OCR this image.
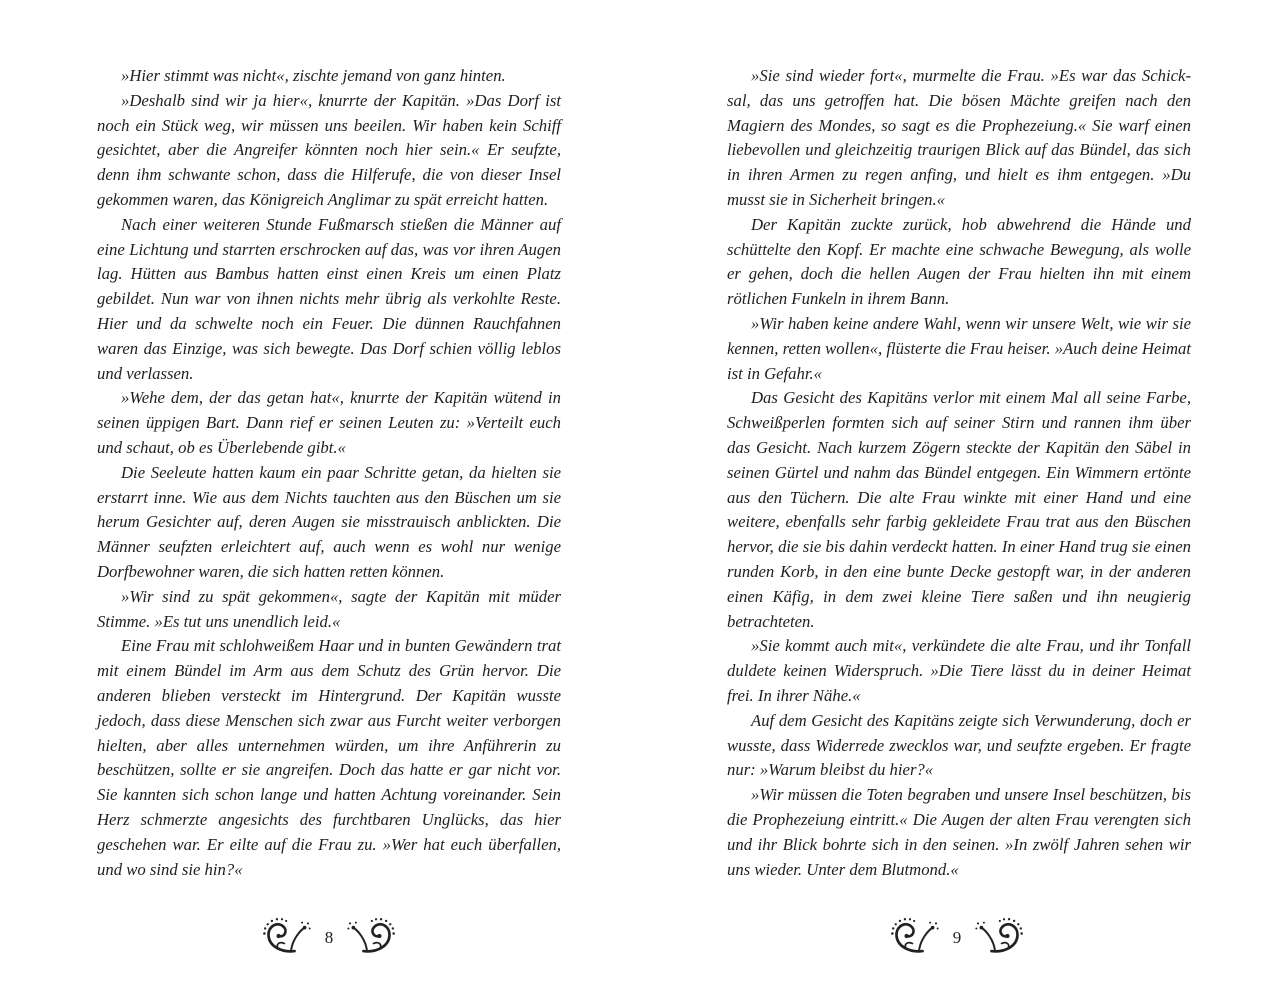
»Hier stimmt was nicht«, zischte jemand von ganz hinten.

»Deshalb sind wir ja hier«, knurrte der Kapitän. »Das Dorf ist noch ein Stück weg, wir müssen uns beeilen. Wir haben kein Schiff gesichtet, aber die Angreifer könnten noch hier sein.« Er seufzte, denn ihm schwante schon, dass die Hilferufe, die von dieser Insel gekommen waren, das Königreich Anglimar zu spät erreicht hatten.

Nach einer weiteren Stunde Fußmarsch stießen die Männer auf eine Lichtung und starrten erschrocken auf das, was vor ihren Augen lag. Hütten aus Bambus hatten einst einen Kreis um einen Platz gebildet. Nun war von ihnen nichts mehr übrig als verkohlte Reste. Hier und da schwelte noch ein Feuer. Die dünnen Rauchfahnen waren das Einzige, was sich bewegte. Das Dorf schien völlig leblos und verlassen.

»Wehe dem, der das getan hat«, knurrte der Kapitän wütend in seinen üppigen Bart. Dann rief er seinen Leuten zu: »Verteilt euch und schaut, ob es Überlebende gibt.«

Die Seeleute hatten kaum ein paar Schritte getan, da hielten sie erstarrt inne. Wie aus dem Nichts tauchten aus den Büschen um sie herum Gesichter auf, deren Augen sie misstrauisch anblickten. Die Männer seufzten erleichtert auf, auch wenn es wohl nur wenige Dorfbewohner waren, die sich hatten retten können.

»Wir sind zu spät gekommen«, sagte der Kapitän mit müder Stimme. »Es tut uns unendlich leid.«

Eine Frau mit schlohweißem Haar und in bunten Gewändern trat mit einem Bündel im Arm aus dem Schutz des Grün hervor. Die anderen blieben versteckt im Hintergrund. Der Kapitän wusste jedoch, dass diese Menschen sich zwar aus Furcht weiter verborgen hielten, aber alles unternehmen würden, um ihre Anführerin zu beschützen, sollte er sie angreifen. Doch das hatte er gar nicht vor. Sie kannten sich schon lange und hatten Achtung voreinander. Sein Herz schmerzte angesichts des furchtbaren Unglücks, das hier geschehen war. Er eilte auf die Frau zu. »Wer hat euch überfallen, und wo sind sie hin?«

»Sie sind wieder fort«, murmelte die Frau. »Es war das Schicksal, das uns getroffen hat. Die bösen Mächte greifen nach den Magiern des Mondes, so sagt es die Prophezeiung.« Sie warf einen liebevollen und gleichzeitig traurigen Blick auf das Bündel, das sich in ihren Armen zu regen anfing, und hielt es ihm entgegen. »Du musst sie in Sicherheit bringen.«

Der Kapitän zuckte zurück, hob abwehrend die Hände und schüttelte den Kopf. Er machte eine schwache Bewegung, als wolle er gehen, doch die hellen Augen der Frau hielten ihn mit einem rötlichen Funkeln in ihrem Bann.

»Wir haben keine andere Wahl, wenn wir unsere Welt, wie wir sie kennen, retten wollen«, flüsterte die Frau heiser. »Auch deine Heimat ist in Gefahr.«

Das Gesicht des Kapitäns verlor mit einem Mal all seine Farbe, Schweißperlen formten sich auf seiner Stirn und rannen ihm über das Gesicht. Nach kurzem Zögern steckte der Kapitän den Säbel in seinen Gürtel und nahm das Bündel entgegen. Ein Wimmern ertönte aus den Tüchern. Die alte Frau winkte mit einer Hand und eine weitere, ebenfalls sehr farbig gekleidete Frau trat aus den Büschen hervor, die sie bis dahin verdeckt hatten. In einer Hand trug sie einen runden Korb, in den eine bunte Decke gestopft war, in der anderen einen Käfig, in dem zwei kleine Tiere saßen und ihn neugierig betrachteten.

»Sie kommt auch mit«, verkündete die alte Frau, und ihr Tonfall duldete keinen Widerspruch. »Die Tiere lässt du in deiner Heimat frei. In ihrer Nähe.«

Auf dem Gesicht des Kapitäns zeigte sich Verwunderung, doch er wusste, dass Widerrede zwecklos war, und seufzte ergeben. Er fragte nur: »Warum bleibst du hier?«

»Wir müssen die Toten begraben und unsere Insel beschützen, bis die Prophezeiung eintritt.« Die Augen der alten Frau verengten sich und ihr Blick bohrte sich in den seinen. »In zwölf Jahren sehen wir uns wieder. Unter dem Blutmond.«

8	9
